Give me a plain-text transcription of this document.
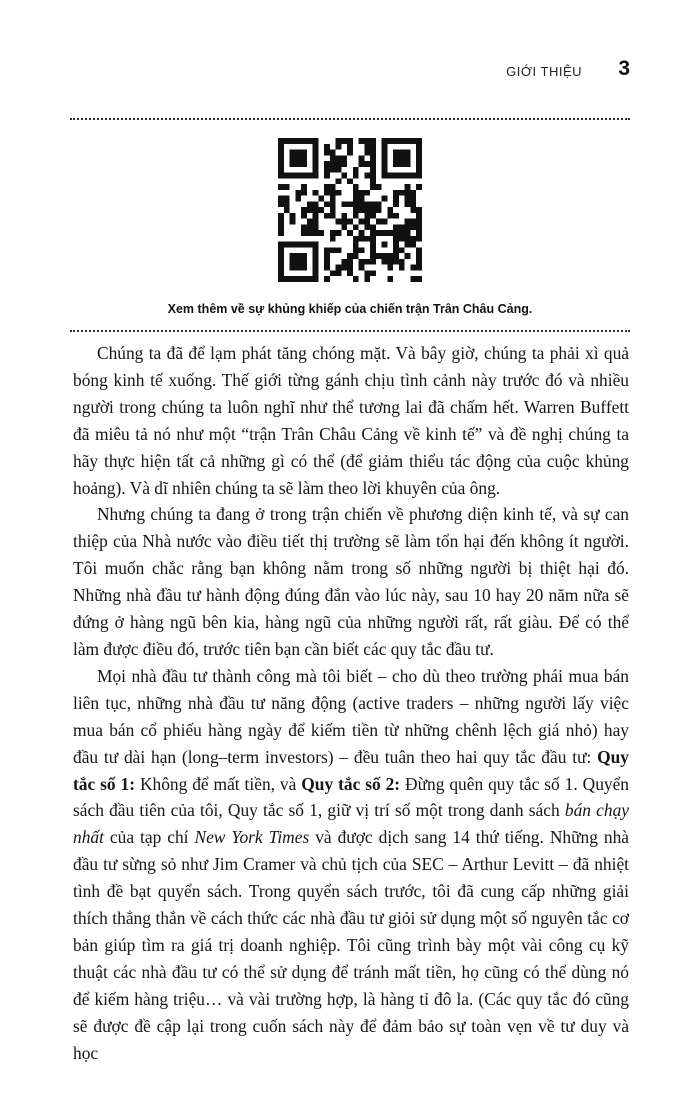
GIỚI THIỆU 3
Xem thêm về sự khủng khiếp của chiến trận Trân Châu Cảng.

Chúng ta đã để lạm phát tăng chóng mặt. Và bây giờ, chúng ta phải xì quả bóng kinh tế xuống. Thế giới từng gánh chịu tình cảnh này trước đó và nhiều người trong chúng ta luôn nghĩ như thể tương lai đã chấm hết. Warren Buffett đã miêu tả nó như một “trận Trân Châu Cảng về kinh tế” và đề nghị chúng ta hãy thực hiện tất cả những gì có thể (để giảm thiểu tác động của cuộc khủng hoảng). Và dĩ nhiên chúng ta sẽ làm theo lời khuyên của ông.

Nhưng chúng ta đang ở trong trận chiến về phương diện kinh tế, và sự can thiệp của Nhà nước vào điều tiết thị trường sẽ làm tổn hại đến không ít người. Tôi muốn chắc rằng bạn không nằm trong số những người bị thiệt hại đó. Những nhà đầu tư hành động đúng đắn vào lúc này, sau 10 hay 20 năm nữa sẽ đứng ở hàng ngũ bên kia, hàng ngũ của những người rất, rất giàu. Để có thể làm được điều đó, trước tiên bạn cần biết các quy tắc đầu tư.

Mọi nhà đầu tư thành công mà tôi biết – cho dù theo trường phái mua bán liên tục, những nhà đầu tư năng động (active traders – những người lấy việc mua bán cổ phiếu hàng ngày để kiếm tiền từ những chênh lệch giá nhỏ) hay đầu tư dài hạn (long–term investors) – đều tuân theo hai quy tắc đầu tư: Quy tắc số 1: Không để mất tiền, và Quy tắc số 2: Đừng quên quy tắc số 1. Quyển sách đầu tiên của tôi, Quy tắc số 1, giữ vị trí số một trong danh sách bán chạy nhất của tạp chí New York Times và được dịch sang 14 thứ tiếng. Những nhà đầu tư sừng sỏ như Jim Cramer và chủ tịch của SEC – Arthur Levitt – đã nhiệt tình đề bạt quyển sách. Trong quyển sách trước, tôi đã cung cấp những giải thích thẳng thắn về cách thức các nhà đầu tư giỏi sử dụng một số nguyên tắc cơ bản giúp tìm ra giá trị doanh nghiệp. Tôi cũng trình bày một vài công cụ kỹ thuật các nhà đầu tư có thể sử dụng để tránh mất tiền, họ cũng có thể dùng nó để kiếm hàng triệu… và vài trường hợp, là hàng tỉ đô la. (Các quy tắc đó cũng sẽ được đề cập lại trong cuốn sách này để đảm bảo sự toàn vẹn về tư duy và học
